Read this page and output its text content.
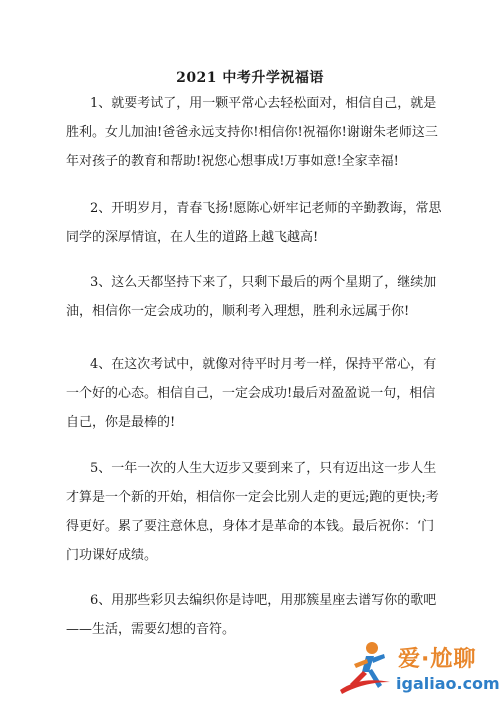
2021 中考升学祝福语

1、就要考试了，用一颗平常心去轻松面对，相信自己，就是胜利。女儿加油!爸爸永远支持你!相信你!祝福你!谢谢朱老师这三年对孩子的教育和帮助!祝您心想事成!万事如意!全家幸福!

2、开明岁月，青春飞扬!愿陈心妍牢记老师的辛勤教诲，常思同学的深厚情谊，在人生的道路上越飞越高!

3、这么天都坚持下来了，只剩下最后的两个星期了，继续加油，相信你一定会成功的，顺利考入理想，胜利永远属于你!

4、在这次考试中，就像对待平时月考一样，保持平常心，有一个好的心态。相信自己，一定会成功!最后对盈盈说一句，相信自己，你是最棒的!

5、一年一次的人生大迈步又要到来了，只有迈出这一步人生才算是一个新的开始，相信你一定会比别人走的更远;跑的更快;考得更好。累了要注意休息，身体才是革命的本钱。最后祝你：‘门门功课好成绩。

6、用那些彩贝去编织你是诗吧，用那簇星座去谱写你的歌吧——生活，需要幻想的音符。

爱·尬聊
igaliao.com
